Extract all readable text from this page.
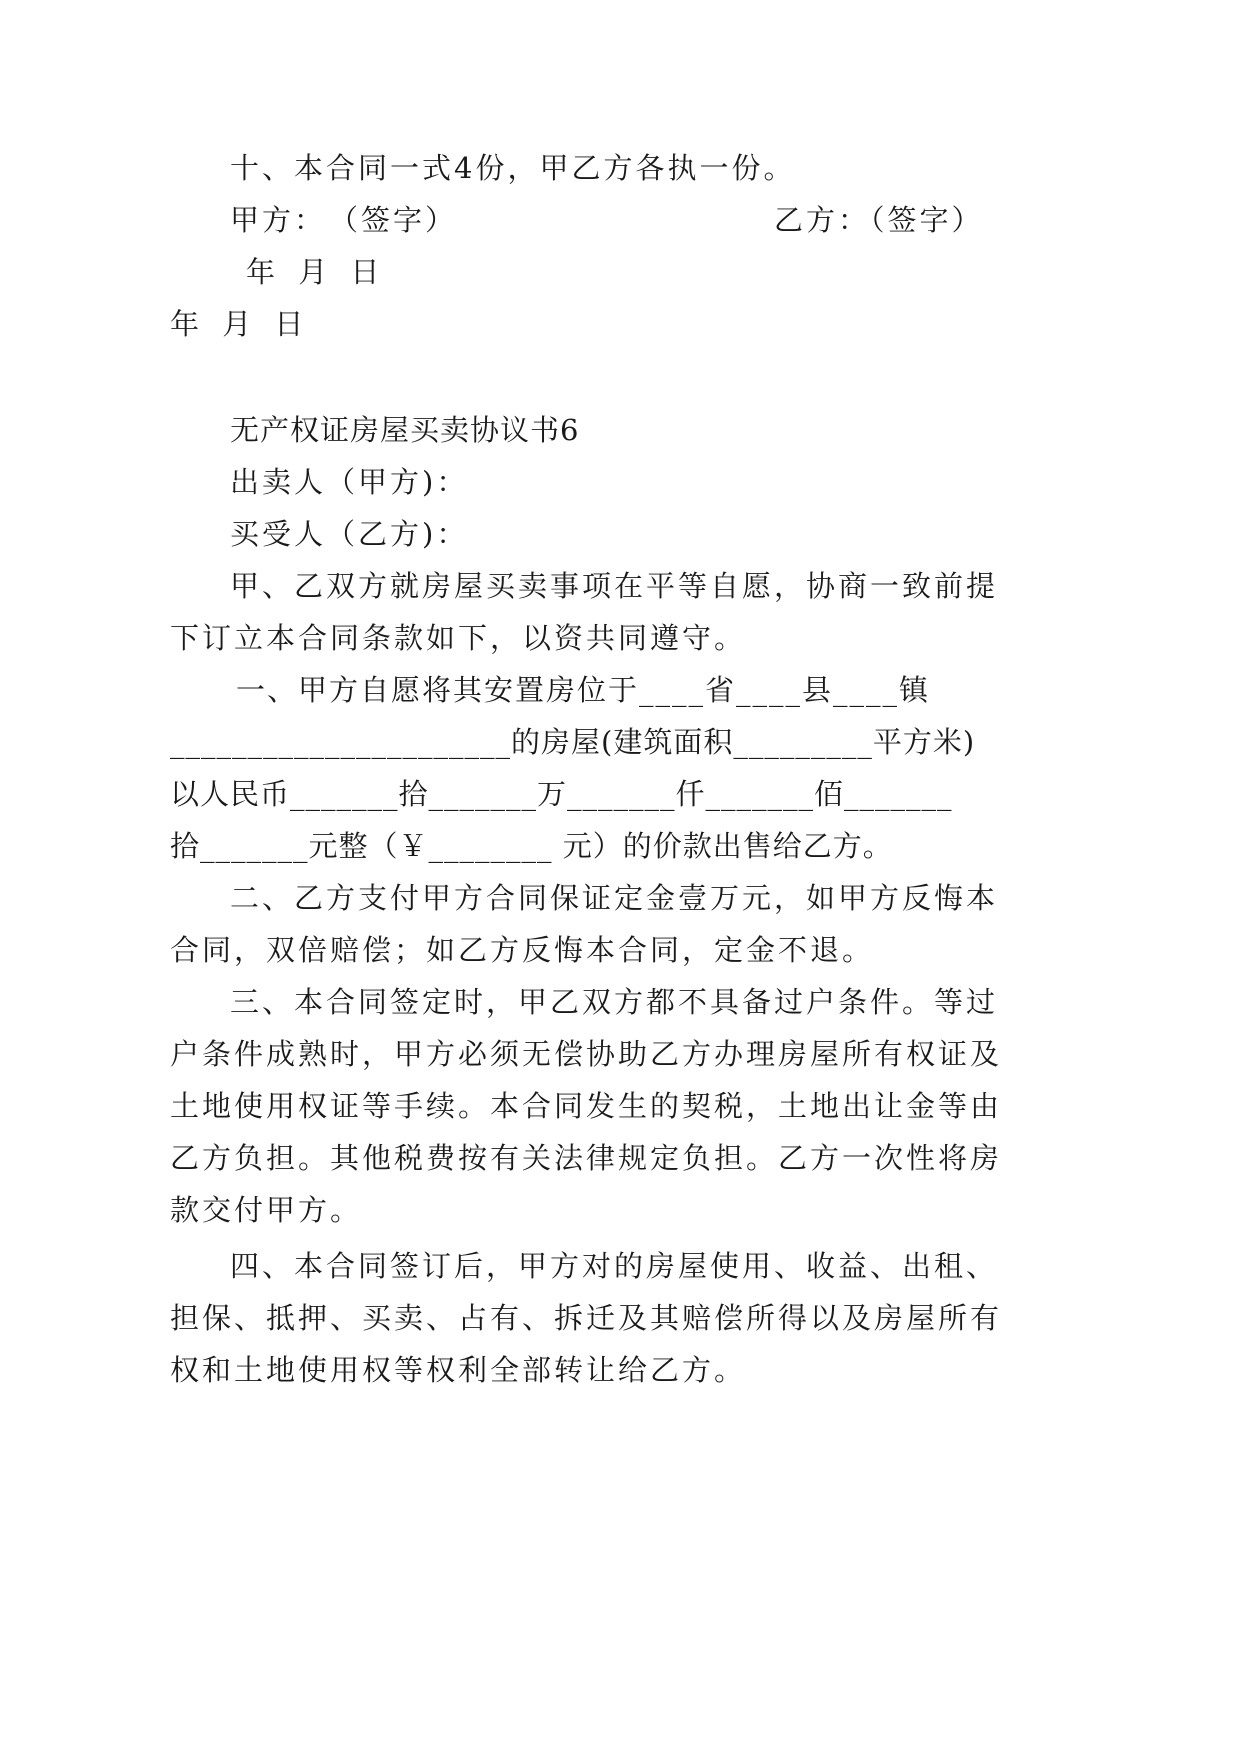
十、本合同一式4份，甲乙方各执一份。
甲方：　（签字）	乙方：（签字）
年 月 日
年 月 日
无产权证房屋买卖协议书6
出卖人（甲方)：
买受人（乙方)：
甲、乙双方就房屋买卖事项在平等自愿，协商一致前提
下订立本合同条款如下，以资共同遵守。
一、甲方自愿将其安置房位于____省____县____镇
______________________的房屋(建筑面积_________平方米)
以人民币_______拾_______万_______仟_______佰_______
拾_______元整（￥________ 元）的价款出售给乙方。
二、乙方支付甲方合同保证定金壹万元，如甲方反悔本
合同，双倍赔偿；如乙方反悔本合同，定金不退。
三、本合同签定时，甲乙双方都不具备过户条件。等过
户条件成熟时，甲方必须无偿协助乙方办理房屋所有权证及
土地使用权证等手续。本合同发生的契税，土地出让金等由
乙方负担。其他税费按有关法律规定负担。乙方一次性将房
款交付甲方。
四、本合同签订后，甲方对的房屋使用、收益、出租、
担保、抵押、买卖、占有、拆迁及其赔偿所得以及房屋所有
权和土地使用权等权利全部转让给乙方。
